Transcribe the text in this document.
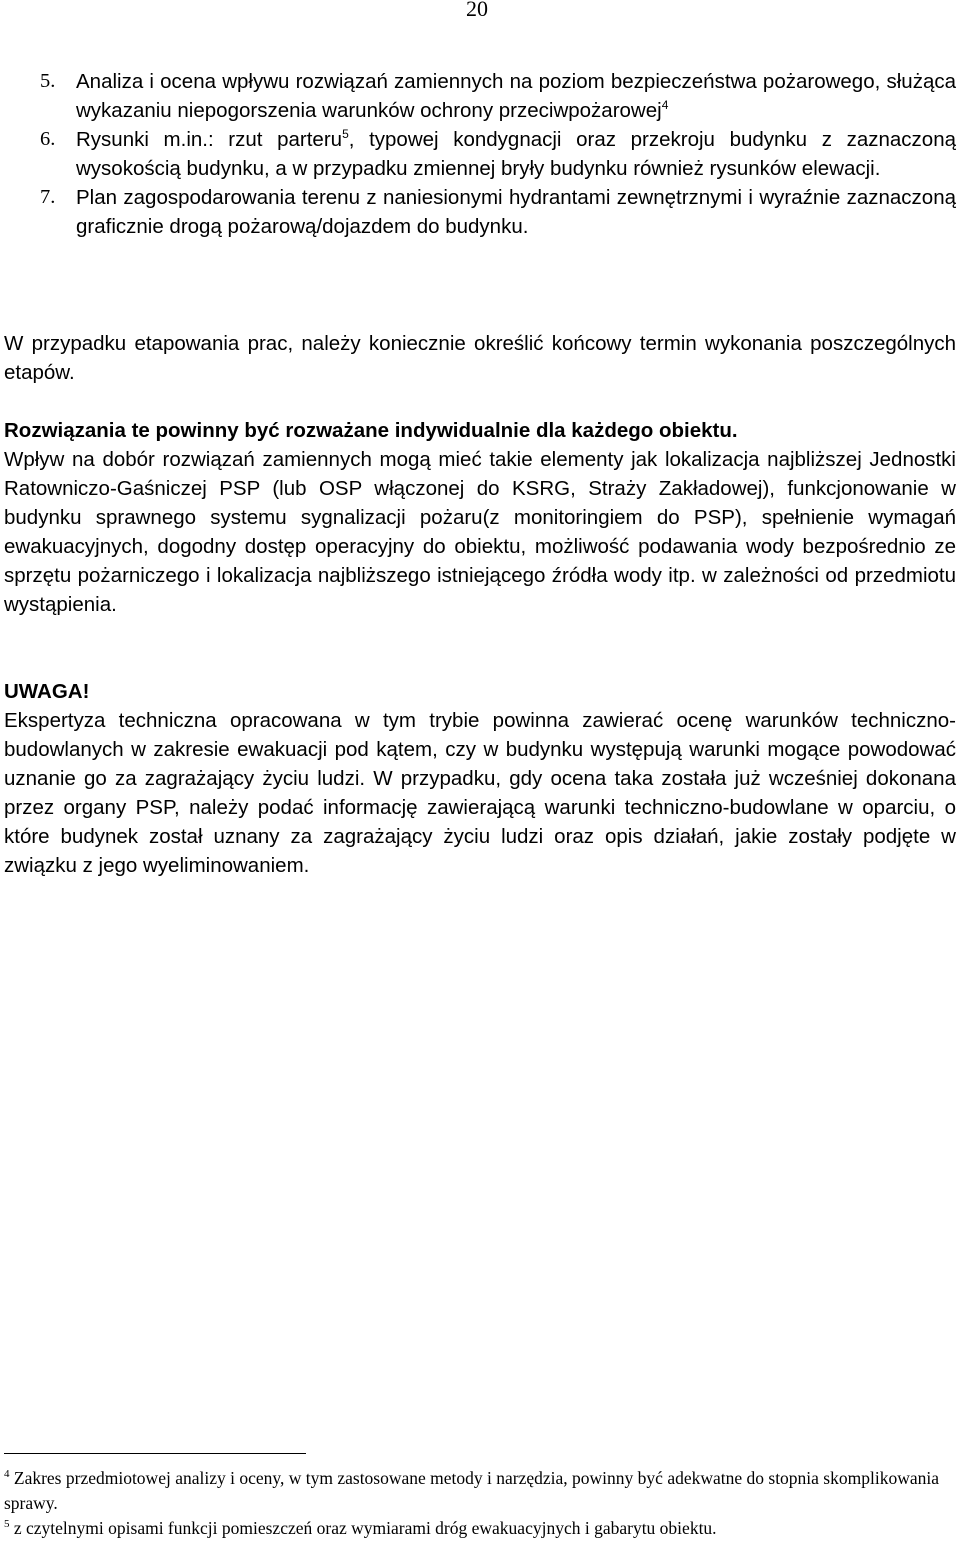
20
5.	Analiza i ocena wpływu rozwiązań zamiennych na poziom bezpieczeństwa pożarowego, służąca wykazaniu niepogorszenia warunków ochrony przeciwpożarowej$^4$
6.	Rysunki m.in.: rzut parteru$^5$, typowej kondygnacji oraz przekroju budynku z zaznaczoną wysokością budynku, a w przypadku zmiennej bryły budynku również rysunków elewacji.
7.	Plan zagospodarowania terenu z naniesionymi hydrantami zewnętrznymi i wyraźnie zaznaczoną graficznie drogą pożarową/dojazdem do budynku.

W przypadku etapowania prac, należy koniecznie określić końcowy termin wykonania poszczególnych etapów.

Rozwiązania te powinny być rozważane indywidualnie dla każdego obiektu.

Wpływ na dobór rozwiązań zamiennych mogą mieć takie elementy jak lokalizacja najbliższej Jednostki Ratowniczo-Gaśniczej PSP (lub OSP włączonej do KSRG, Straży Zakładowej), funkcjonowanie w budynku sprawnego systemu sygnalizacji pożaru(z monitoringiem do PSP), spełnienie wymagań ewakuacyjnych, dogodny dostęp operacyjny do obiektu, możliwość podawania wody bezpośrednio ze sprzętu pożarniczego i lokalizacja najbliższego istniejącego źródła wody itp. w zależności od przedmiotu wystąpienia.

UWAGA!

Ekspertyza techniczna opracowana w tym trybie powinna zawierać ocenę warunków techniczno-budowlanych w zakresie ewakuacji pod kątem, czy w budynku występują warunki mogące powodować uznanie go za zagrażający życiu ludzi. W przypadku, gdy ocena taka została już wcześniej dokonana przez organy PSP, należy podać informację zawierającą warunki techniczno-budowlane w oparciu, o które budynek został uznany za zagrażający życiu ludzi oraz opis działań, jakie zostały podjęte w związku z jego wyeliminowaniem.

$^4$ Zakres przedmiotowej analizy i oceny, w tym zastosowane metody i narzędzia, powinny być adekwatne do stopnia skomplikowania sprawy.
$^5$ z czytelnymi opisami funkcji pomieszczeń oraz wymiarami dróg ewakuacyjnych i gabarytu obiektu.
